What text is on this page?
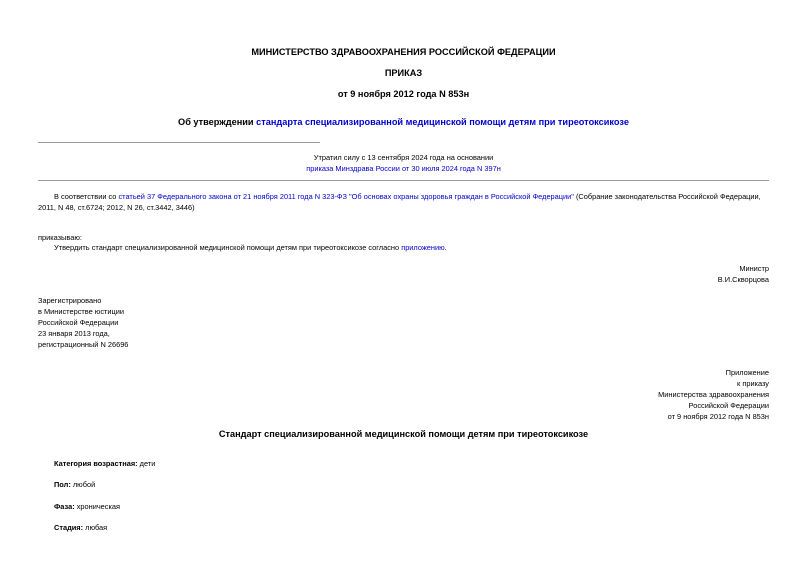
МИНИСТЕРСТВО ЗДРАВООХРАНЕНИЯ РОССИЙСКОЙ ФЕДЕРАЦИИ
ПРИКАЗ
от 9 ноября 2012 года N 853н
Об утверждении стандарта специализированной медицинской помощи детям при тиреотоксикозе
Утратил силу с 13 сентября 2024 года на основании
приказа Минздрава России от 30 июля 2024 года N 397н
В соответствии со статьей 37 Федерального закона от 21 ноября 2011 года N 323-ФЗ "Об основах охраны здоровья граждан в Российской Федерации" (Собрание законодательства Российской Федерации, 2011, N 48, ст.6724; 2012, N 26, ст.3442, 3446)
приказываю:
Утвердить стандарт специализированной медицинской помощи детям при тиреотоксикозе согласно приложению.
Министр
В.И.Скворцова
Зарегистрировано
в Министерстве юстиции
Российской Федерации
23 января 2013 года,
регистрационный N 26696
Приложение
к приказу
Министерства здравоохранения
Российской Федерации
от 9 ноября 2012 года N 853н
Стандарт специализированной медицинской помощи детям при тиреотоксикозе
Категория возрастная: дети
Пол: любой
Фаза: хроническая
Стадия: любая
